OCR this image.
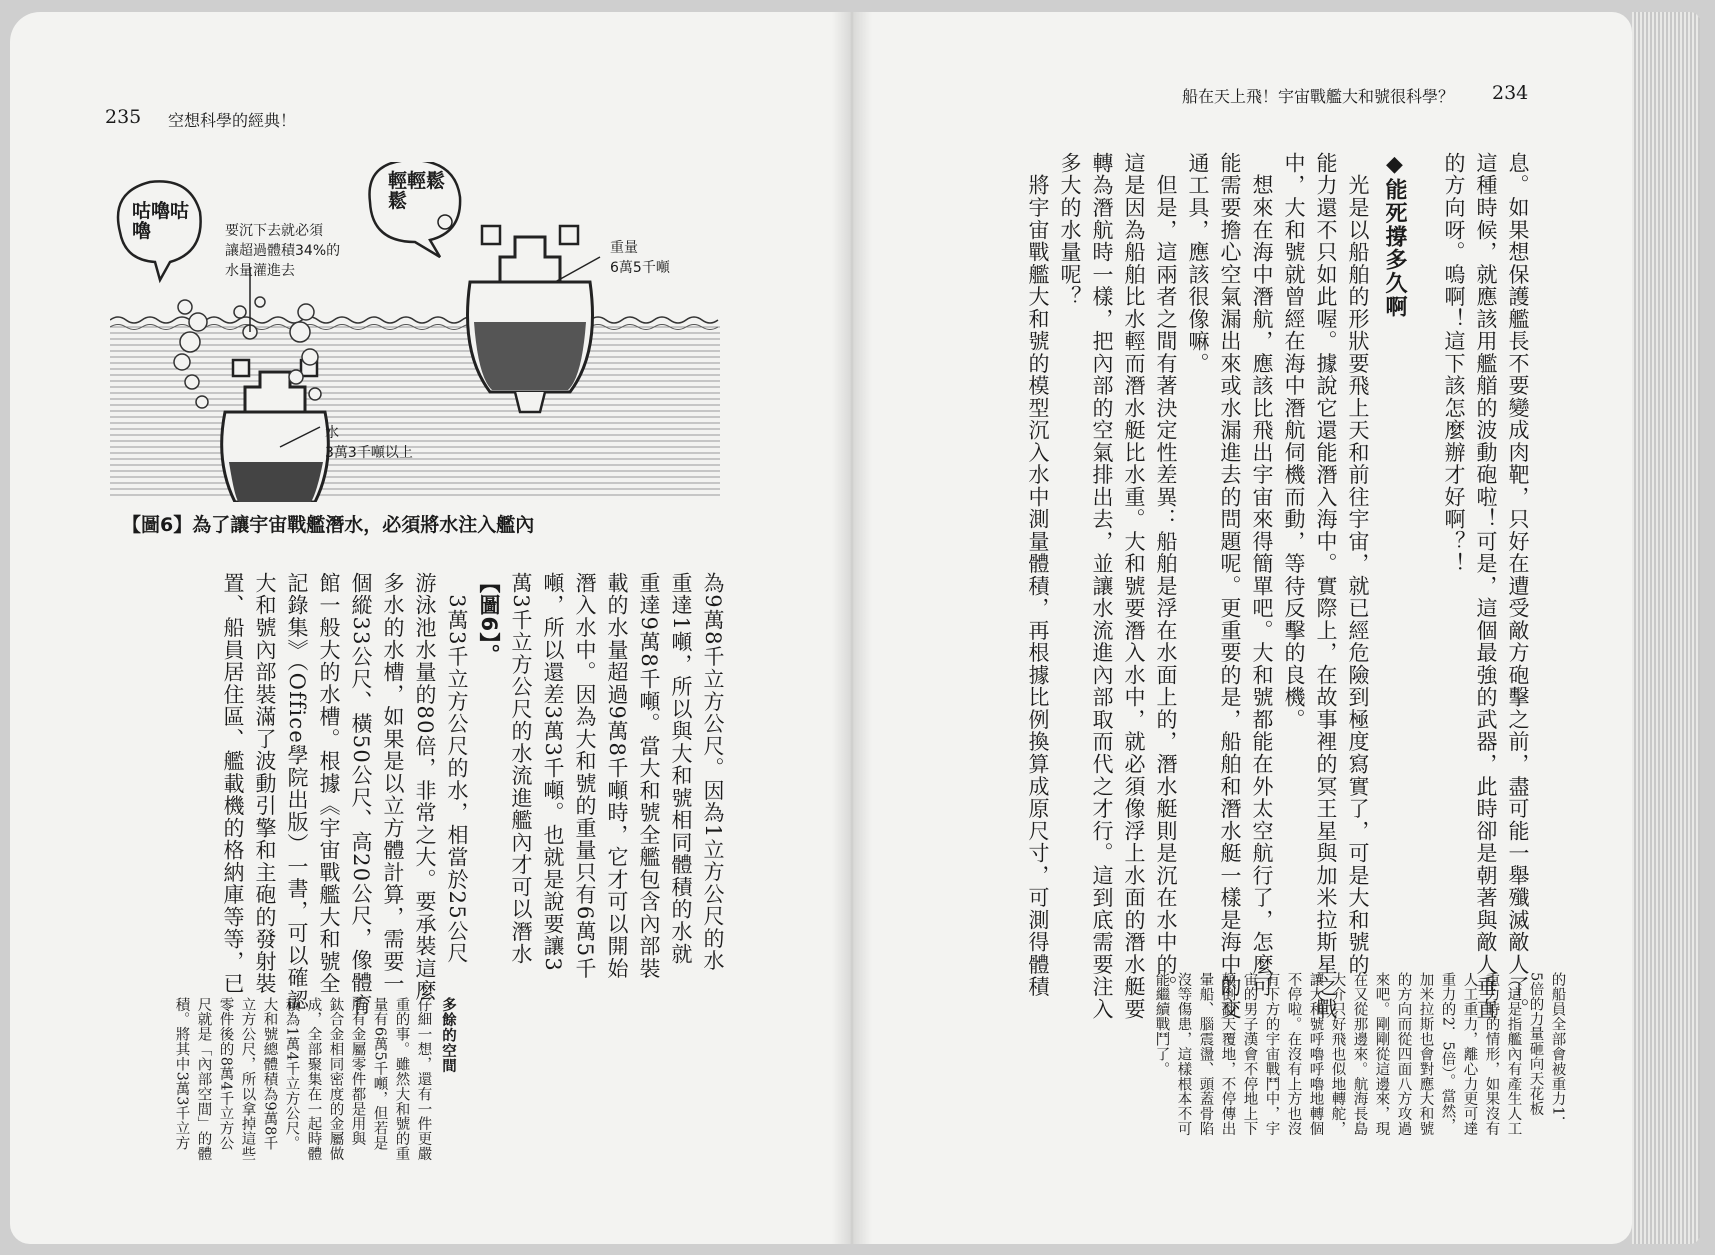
235 空想科學的經典！
咕嚕咕嚕
輕輕鬆鬆
要沉下去就必須
讓超過體積34%的
水量灌進去
重量
6萬5千噸
水
3萬3千噸以上
【圖6】為了讓宇宙戰艦潛水，必須將水注入艦內
為9萬8千立方公尺。因為1立方公尺的水
重達1噸，所以與大和號相同體積的水就
重達9萬8千噸。當大和號全艦包含內部裝
載的水量超過9萬8千噸時，它才可以開始
潛入水中。因為大和號的重量只有6萬5千
噸，所以還差3萬3千噸。也就是說要讓3
萬3千立方公尺的水流進艦內才可以潛水
【圖6】。
　3萬3千立方公尺的水，相當於25公尺
游泳池水量的80倍，非常之大。要承裝這麼
多水的水槽，如果是以立方體計算，需要一
個縱33公尺、橫50公尺、高20公尺，像體育
館一般大的水槽。根據《宇宙戰艦大和號全
記錄集》（Office學院出版）一書，可以確認
大和號內部裝滿了波動引擎和主砲的發射裝
置、船員居住區、艦載機的格納庫等等，已
多餘的空間
仔細一想，還有一件更嚴
重的事。雖然大和號的重
量有6萬5千噸，但若是
所有金屬零件都是用與
鈦合金相同密度的金屬做
成，全部聚集在一起時體
積為1萬4千立方公尺。
大和號總體積為9萬8千
立方公尺，所以拿掉這些
零件後的8萬4千立方公
尺就是「內部空間」的體
積。將其中3萬3千立方
船在天上飛！宇宙戰艦大和號很科學？ 234
息。如果想保護艦長不要變成肉靶，只好在遭受敵方砲擊之前，盡可能一舉殲滅敵人了。
這種時候，就應該用艦艏的波動砲啦！可是，這個最強的武器，此時卻是朝著與敵人垂直
的方向呀。嗚啊！這下該怎麼辦才好啊？！
◆能死撐多久啊
　光是以船舶的形狀要飛上天和前往宇宙，就已經危險到極度寫實了，可是大和號的
能力還不只如此喔。據說它還能潛入海中。實際上，在故事裡的冥王星與加米拉斯星之戰
中，大和號就曾經在海中潛航伺機而動，等待反擊的良機。
　想來在海中潛航，應該比飛出宇宙來得簡單吧。大和號都能在外太空航行了，怎麼可
能需要擔心空氣漏出來或水漏進去的問題呢。更重要的是，船舶和潛水艇一樣是海中的交
通工具，應該很像嘛。
　但是，這兩者之間有著決定性差異：船舶是浮在水面上的，潛水艇則是沉在水中的。
這是因為船舶比水輕而潛水艇比水重。大和號要潛入水中，就必須像浮上水面的潛水艇要
轉為潛航時一樣，把內部的空氣排出去，並讓水流進內部取而代之才行。這到底需要注入
多大的水量呢？
　將宇宙戰艦大和號的模型沉入水中測量體積，再根據比例換算成原尺寸，可測得體積
的船員全部會被重力1．
5倍的力量砸向天花板
（這是指艦內有產生人工
重力時的情形，如果沒有
人工重力，離心力更可達
重力的2．5倍）。當然，
加米拉斯也會對應大和號
的方向而從四面八方攻過
來吧。剛剛從這邊來，現
在又從那邊來。航海長島
大介只好飛也似地轉舵，
讓大和號呼嚕呼嚕地轉個
不停啦。在沒有上方也沒
有下方的宇宙戰鬥中，宇
宙的男子漢會不停地上下
顛倒翻天覆地，不停傳出
暈船、腦震盪、頭蓋骨陷
沒等傷患，這樣根本不可
能繼續戰鬥了。
